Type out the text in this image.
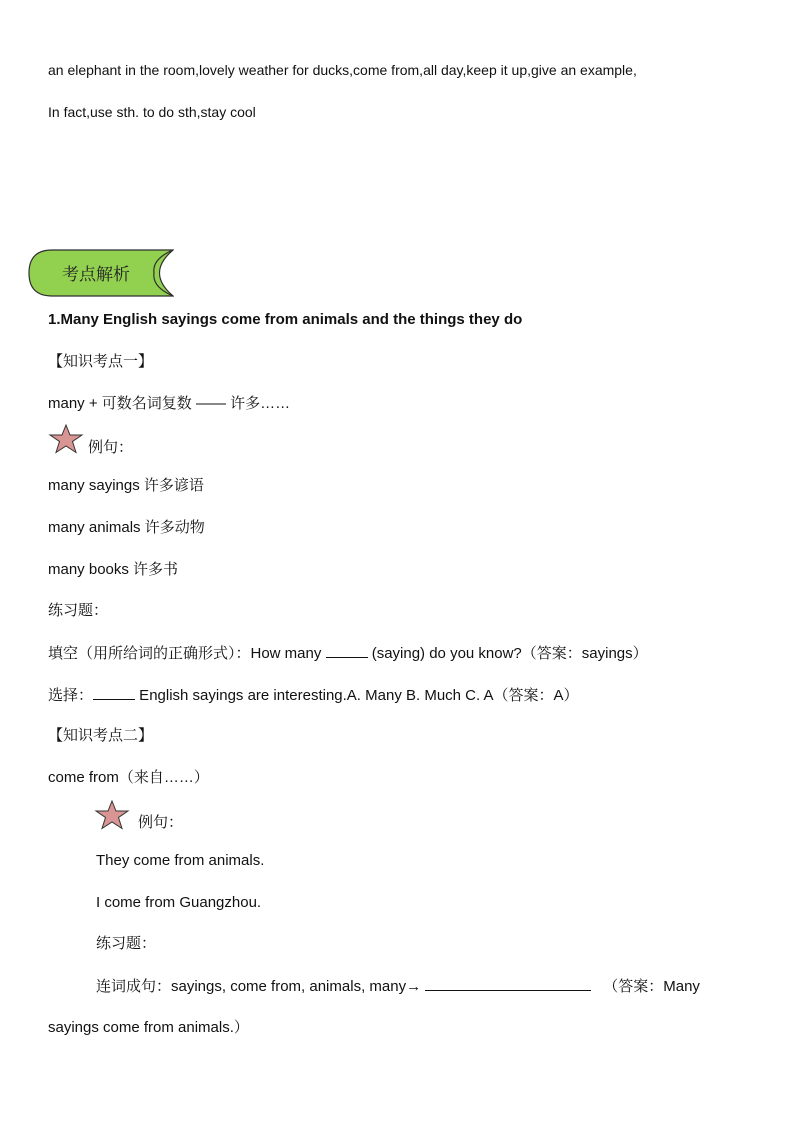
an elephant in the room,lovely weather for ducks,come from,all day,keep it up,give an example,
In fact,use sth. to do sth,stay cool
考点解析
1.Many English sayings come from animals and the things they do
【知识考点一】
many + 可数名词复数 —— 许多……
例句：
many sayings 许多谚语
many animals 许多动物
many books 许多书
练习题：
填空（用所给词的正确形式）：How many	(saying) do you know?（答案：sayings）
选择：	English sayings are interesting.A. Many B. Much C. A（答案：A）
【知识考点二】
come from（来自……）
例句：
They come from animals.
I come from Guangzhou.
练习题：
连词成句：sayings, come from, animals, many→	（答案：Many
sayings come from animals.）
